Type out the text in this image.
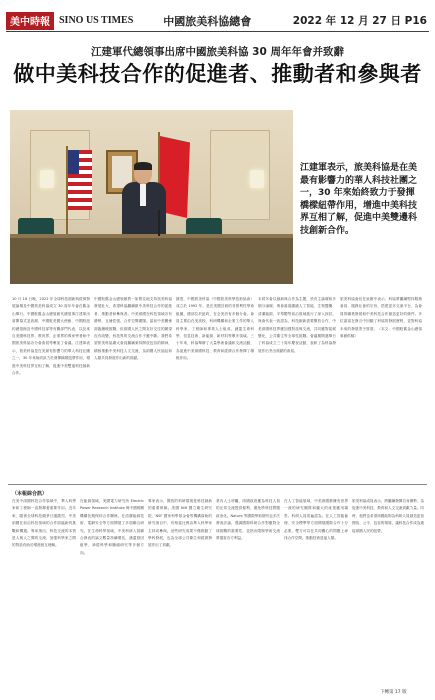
美中時報 SINO US TIMES	中國旅美科協總會	2022 年 12 月 27 日 P16
江建軍代總領事出席中國旅美科協 30 周年年會并致辭
做中美科技合作的促進者、推動者和參與者
江建軍表示，旅美科協是在美最有影響力的華人科技社團之一，30 年來始終致力于發揮橋樑紐帶作用，增進中美科技界互相了解，促進中美雙邊科技創新合作。
10 月 18 日晚，2022 年全球科技創新與經濟發展論壇及中國旅美科協成立 30 周年年會在舊金山舉行。中國駐舊金山總領館代總領事江建軍出席開幕式並致辭，中國駐美國大使館、中國駐紐約總領館及中國科技部等有關部門代表，以及來自美國科技界、教育界、企業界的專家學者和中國旅美科協各分會會員等參加了會議。江建軍表示，旅美科協是在美最有影響力的華人科技社團之一，30 年來始終致力於發揮橋樑紐帶作用，增進中美科技界互相了解，促進中美雙邊科技創新合作。
中國駐舊金山總領館將一如既往地支持旅美科協發展壯大，希望科協繼續做中美科技合作的促進者、推動者和參與者。中美兩國在科技領域各有優勢，互補性強，合作空間廣闊。當前中美關係面臨嚴峻挑戰，但兩國人民之間友好交往的願望沒有改變，科技界的交流合作不應中斷。我們希望旅美科協廣大會員繼續秉持開放包容的精神，積極推動中美科技人文交流，為兩國人民福祉和人類共同發展作出新的貢獻。
據悉，中國旅美科協（中國旅美科學技術協會）成立於 1992 年，是在美國註冊的非營利性學術組織，總部位於紐約，在全美設有多個分會。會員主要由在美高校、科研機構和企業工作的華人科學家、工程師和專業人士組成，涵蓋生命科學、信息技術、新能源、新材料等眾多領域。三十年來，科協舉辦了大量學術會議和交流活動，為促進中美兩國科技、教育和經濟合作發揮了積極作用。
本屆年會以創新與合作為主題，設有主論壇和多個分論壇，與會嘉賓圍繞人工智能、生物醫藥、清潔能源、半導體等前沿領域進行了深入探討。與會代表一致認為，科技創新需要開放合作，中美兩國科技界應加強對話與交流，共同應對氣候變化、公共衛生等全球性挑戰。會議期間還舉行了科協成立三十周年慶祝活動，表彰了為科協發展作出突出貢獻的會員。
旅美科協會長在致辭中表示，科協將繼續堅持服務會員、服務社會的宗旨，搭建更多交流平台，為會員的職業發展和中美科技合作創造更好的條件。多位嘉賓在發言中回顧了科協的發展歷程，並對科協未來的發展寄予厚望。（本文：中國駐舊金山總領事館供稿）
（本報綜合訊）
在美中兩國科技合作領域中，華人科學家和工程師一直發揮著重要作用。近年來，隨著全球科技競爭日趨激烈，中美兩國在前沿科技領域的合作面臨新的挑戰和機遇。專家指出，科技交流的本質是人與人之間的交流，加強科學家之間的對話有助於增進相互理解。
在能源領域，美國電力研究所 Electric Power Research Institute 與中國相關機構長期保持合作關係，在清潔能源技術、電網安全等方面開展了多項聯合研究。在生命科學領域，中美科研人員聯合發表的論文數量持續增長，涵蓋基因組學、神經科學和腫瘤研究等多個方向。
專家表示，開放的科研環境是科技創新的重要保障。美國 NIH 國立衛生研究院、NSF 國家科學基金會等機構資助的研究項目中，有相當比例由華人科學家主持或參與。這些研究成果不僅推動了學科發展，也為全球公共衛生和經濟發展作出了貢獻。
業內人士呼籲，兩國政府應為科技人員的正常交流提供便利，避免將科技問題政治化。Nature 等國際學術期刊也多次發表評論，強調國際科研合作對應對全球挑戰的重要性，並指出限制學術交流將損害各方利益。
在人工智能領域，中美兩國都擁有世界一流的研究團隊和龐大的產業應用場景。科研人員普遍認為，在人工智能倫理、安全標準等方面開展國際合作十分必要，雙方可以在共同關心的問題上尋找合作空間，推動技術造福人類。
旅美科協成員表示，將繼續發揮自身優勢，為促進中美科技、教育和人文交流貢獻力量。同時，他們也希望兩國能夠為科研人員創造更加開放、公平、包容的環境，讓科技合作成為連接兩國人民的紐帶。
下轉第 17 版
